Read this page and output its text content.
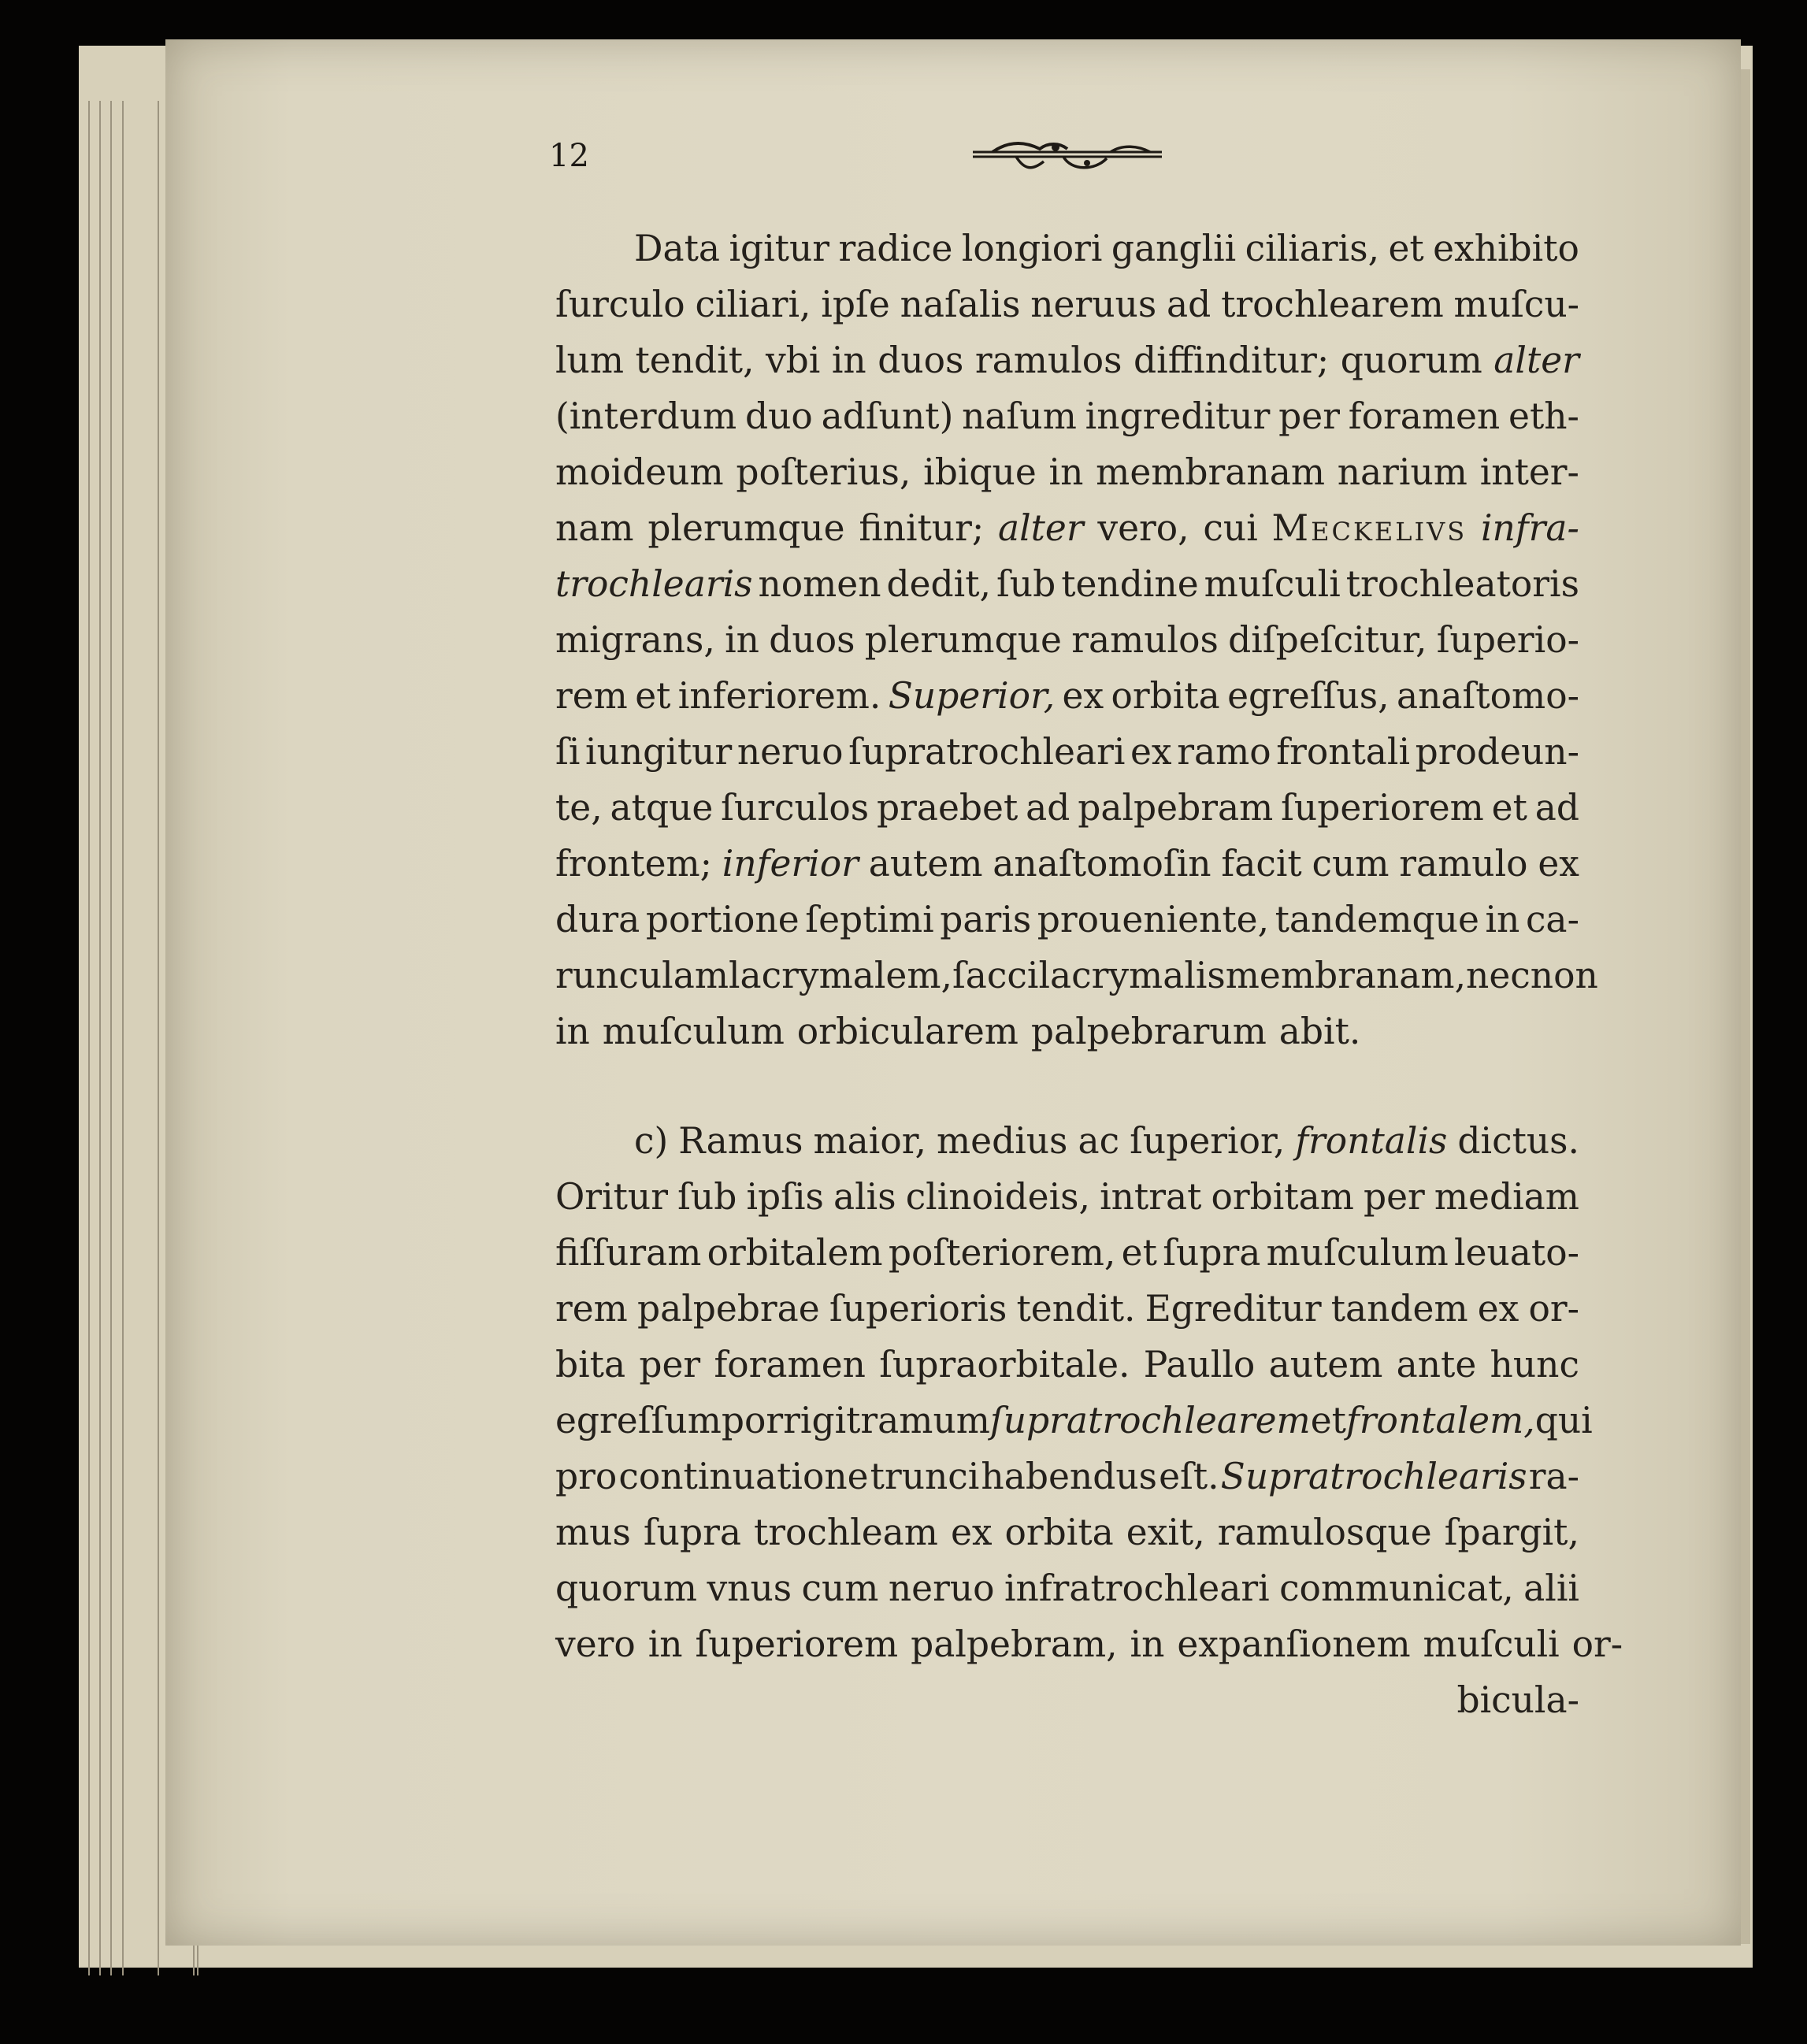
12
Data igitur radice longiori ganglii ciliaris, et exhibito
ſurculo ciliari, ipſe naſalis neruus ad trochlearem muſcu-
lum tendit, vbi in duos ramulos diffinditur; quorum alter
(interdum duo adſunt) naſum ingreditur per foramen eth-
moideum poſterius, ibique in membranam narium inter-
nam plerumque finitur; alter vero, cui Meckelivs infra-
trochlearis nomen dedit, ſub tendine muſculi trochleatoris
migrans, in duos plerumque ramulos diſpeſcitur, ſuperio-
rem et inferiorem. Superior, ex orbita egreſſus, anaſtomo-
ſi iungitur neruo ſupratrochleari ex ramo frontali prodeun-
te, atque ſurculos praebet ad palpebram ſuperiorem et ad
frontem; inferior autem anaſtomoſin facit cum ramulo ex
dura portione ſeptimi paris proueniente, tandemque in ca-
runculam lacrymalem, ſacci lacrymalis membranam, nec non
in muſculum orbicularem palpebrarum abit.
c) Ramus maior, medius ac ſuperior, frontalis dictus.
Oritur ſub ipſis alis clinoideis, intrat orbitam per mediam
fiſſuram orbitalem poſteriorem, et ſupra muſculum leuato-
rem palpebrae ſuperioris tendit. Egreditur tandem ex or-
bita per foramen ſupraorbitale. Paullo autem ante hunc
egreſſum porrigit ramum ſupratrochlearem et frontalem, qui
pro continuatione trunci habendus eſt. Supratrochlearis ra-
mus ſupra trochleam ex orbita exit, ramulosque ſpargit,
quorum vnus cum neruo infratrochleari communicat, alii
vero in ſuperiorem palpebram, in expanſionem muſculi or-
bicula-
